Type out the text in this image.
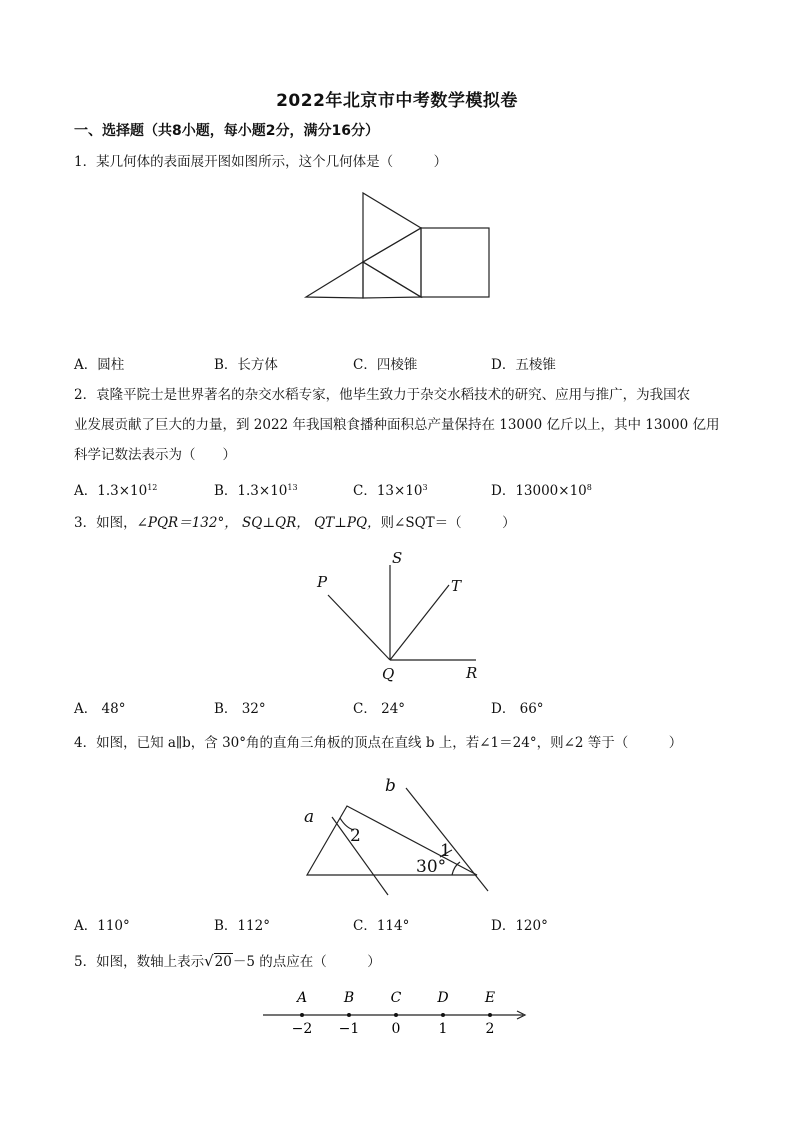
2022年北京市中考数学模拟卷
一、选择题（共8小题，每小题2分，满分16分）
1．某几何体的表面展开图如图所示，这个几何体是（　　　）
A．圆柱	B．长方体	C．四棱锥	D．五棱锥
2．袁隆平院士是世界著名的杂交水稻专家，他毕生致力于杂交水稻技术的研究、应用与推广，为我国农
业发展贡献了巨大的力量，到 2022 年我国粮食播种面积总产量保持在 13000 亿斤以上，其中 13000 亿用
科学记数法表示为（　　）
A．$1.3\times 10^{12}$	B．$1.3\times 10^{13}$	C．$13\times 10^3$	D．$13000\times 10^8$
3．如图，∠PQR＝132°， SQ⊥QR， QT⊥PQ，则∠SQT＝（　　　）
S
P	T
Q	R
A． 48°	B． 32°	C． 24°	D． 66°
4．如图，已知 a∥b，含 30°角的直角三角板的顶点在直线 b 上，若∠1＝24°，则∠2 等于（　　　）
a
b
2
1
30°
A．110°	B．112°	C．114°	D．120°
5．如图，数轴上表示√20－5 的点应在（　　　）
A
−2
B
−1
C
0
D
1
E
2
